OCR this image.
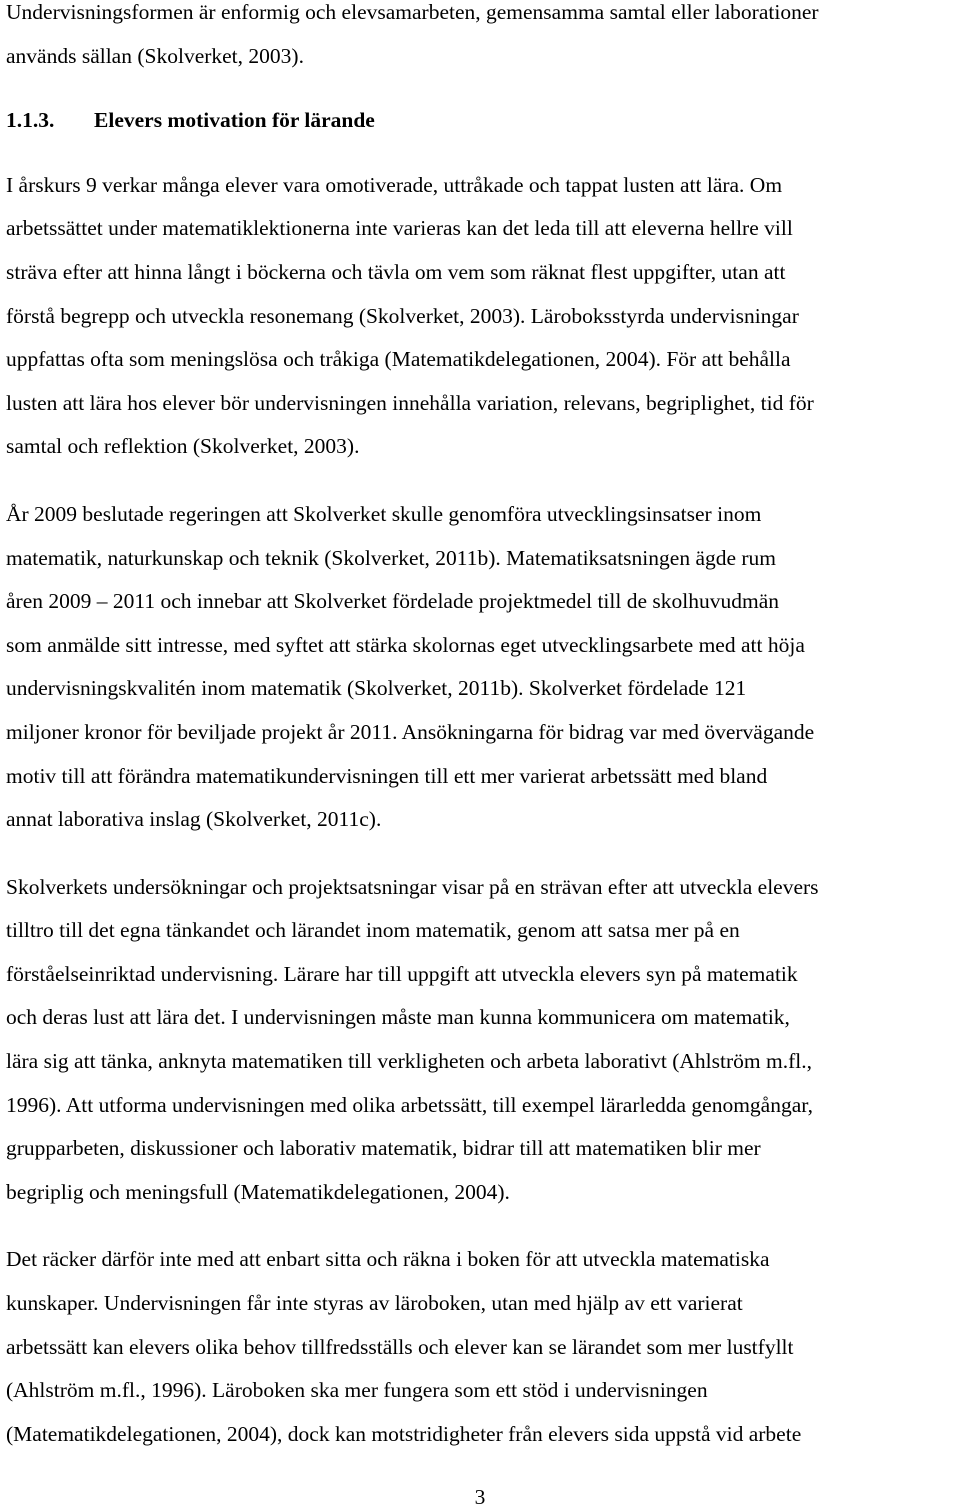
Undervisningsformen är enformig och elevsamarbeten, gemensamma samtal eller laborationer
används sällan (Skolverket, 2003).
1.1.3. Elevers motivation för lärande
I årskurs 9 verkar många elever vara omotiverade, uttråkade och tappat lusten att lära. Om
arbetssättet under matematiklektionerna inte varieras kan det leda till att eleverna hellre vill
sträva efter att hinna långt i böckerna och tävla om vem som räknat flest uppgifter, utan att
förstå begrepp och utveckla resonemang (Skolverket, 2003). Läroboksstyrda undervisningar
uppfattas ofta som meningslösa och tråkiga (Matematikdelegationen, 2004). För att behålla
lusten att lära hos elever bör undervisningen innehålla variation, relevans, begriplighet, tid för
samtal och reflektion (Skolverket, 2003).
År 2009 beslutade regeringen att Skolverket skulle genomföra utvecklingsinsatser inom
matematik, naturkunskap och teknik (Skolverket, 2011b). Matematiksatsningen ägde rum
åren 2009 – 2011 och innebar att Skolverket fördelade projektmedel till de skolhuvudmän
som anmälde sitt intresse, med syftet att stärka skolornas eget utvecklingsarbete med att höja
undervisningskvalitén inom matematik (Skolverket, 2011b). Skolverket fördelade 121
miljoner kronor för beviljade projekt år 2011. Ansökningarna för bidrag var med övervägande
motiv till att förändra matematikundervisningen till ett mer varierat arbetssätt med bland
annat laborativa inslag (Skolverket, 2011c).
Skolverkets undersökningar och projektsatsningar visar på en strävan efter att utveckla elevers
tilltro till det egna tänkandet och lärandet inom matematik, genom att satsa mer på en
förståelseinriktad undervisning. Lärare har till uppgift att utveckla elevers syn på matematik
och deras lust att lära det. I undervisningen måste man kunna kommunicera om matematik,
lära sig att tänka, anknyta matematiken till verkligheten och arbeta laborativt (Ahlström m.fl.,
1996). Att utforma undervisningen med olika arbetssätt, till exempel lärarledda genomgångar,
grupparbeten, diskussioner och laborativ matematik, bidrar till att matematiken blir mer
begriplig och meningsfull (Matematikdelegationen, 2004).
Det räcker därför inte med att enbart sitta och räkna i boken för att utveckla matematiska
kunskaper. Undervisningen får inte styras av läroboken, utan med hjälp av ett varierat
arbetssätt kan elevers olika behov tillfredsställs och elever kan se lärandet som mer lustfyllt
(Ahlström m.fl., 1996). Läroboken ska mer fungera som ett stöd i undervisningen
(Matematikdelegationen, 2004), dock kan motstridigheter från elevers sida uppstå vid arbete
3
